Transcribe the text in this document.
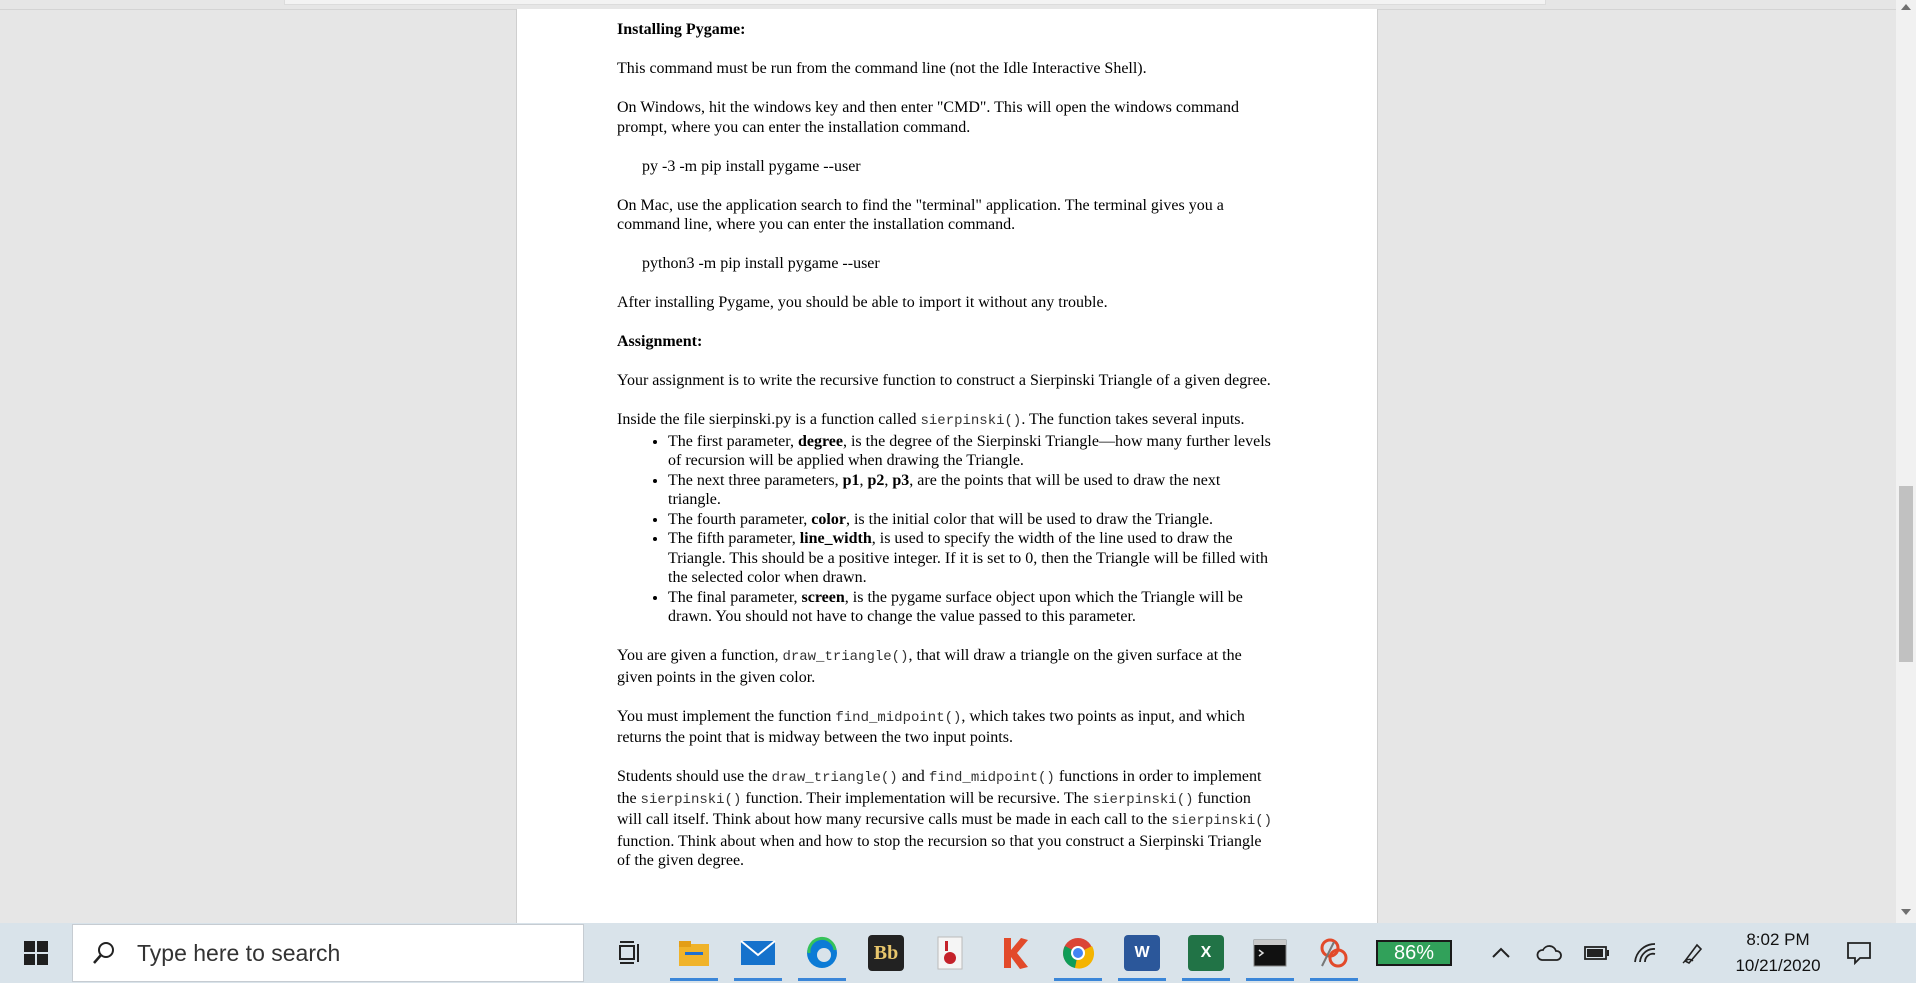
Installing Pygame:

This command must be run from the command line (not the Idle Interactive Shell).

On Windows, hit the windows key and then enter "CMD". This will open the windows command prompt, where you can enter the installation command.

py -3 -m pip install pygame --user

On Mac, use the application search to find the "terminal" application. The terminal gives you a command line, where you can enter the installation command.

python3 -m pip install pygame --user

After installing Pygame, you should be able to import it without any trouble.

Assignment:

Your assignment is to write the recursive function to construct a Sierpinski Triangle of a given degree.

Inside the file sierpinski.py is a function called sierpinski(). The function takes several inputs.

• The first parameter, degree, is the degree of the Sierpinski Triangle—how many further levels of recursion will be applied when drawing the Triangle.
• The next three parameters, p1, p2, p3, are the points that will be used to draw the next triangle.
• The fourth parameter, color, is the initial color that will be used to draw the Triangle.
• The fifth parameter, line_width, is used to specify the width of the line used to draw the Triangle. This should be a positive integer. If it is set to 0, then the Triangle will be filled with the selected color when drawn.
• The final parameter, screen, is the pygame surface object upon which the Triangle will be drawn. You should not have to change the value passed to this parameter.

You are given a function, draw_triangle(), that will draw a triangle on the given surface at the given points in the given color.

You must implement the function find_midpoint(), which takes two points as input, and which returns the point that is midway between the two input points.

Students should use the draw_triangle() and find_midpoint() functions in order to implement the sierpinski() function. Their implementation will be recursive. The sierpinski() function will call itself. Think about how many recursive calls must be made in each call to the sierpinski() function. Think about when and how to stop the recursion so that you construct a Sierpinski Triangle of the given degree.

Type here to search	Bb	W	X	86%
8:02 PM
10/21/2020
